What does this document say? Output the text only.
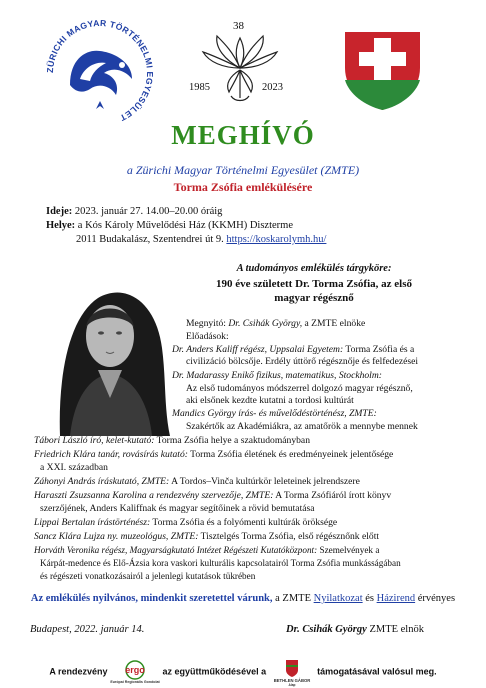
ZÜRICHI MAGYAR TÖRTÉNELMI EGYESÜLET
38
1985	2023
MEGHÍVÓ
a Zürichi Magyar Történelmi Egyesület (ZMTE)
Torma Zsófia emlékülésére
Ideje: 2023. január 27. 14.00–20.00 óráig
Helye: a Kós Károly Művelődési Ház (KKMH) Diszterme
2011 Budakalász, Szentendrei út 9. https://koskarolymh.hu/
A tudományos emlékülés tárgyköre:
190 éve született Dr. Torma Zsófia, az első
magyar régésznő
Megnyitó: Dr. Csihák György, a ZMTE elnöke
Előadások:
Dr. Anders Kaliff régész, Uppsalai Egyetem: Torma Zsófia és a
civilizáció bölcsője. Erdély úttörő régésznője és felfedezései
Dr. Madarassy Enikő fizikus, matematikus, Stockholm:
Az első tudományos módszerrel dolgozó magyar régésznő,
aki elsőnek kezdte kutatni a tordosi kultúrát
Mandics György írás- és művelődéstörténész, ZMTE:
Szakértők az Akadémiákra, az amatőrök a mennybe mennek
Tábori László író, kelet-kutató: Torma Zsófia helye a szaktudományban
Friedrich Klára tanár, rovásírás kutató: Torma Zsófia életének és eredményeinek jelentősége
a XXI. században
Záhonyi András íráskutató, ZMTE: A Tordos–Vinča kultúrkör leleteinek jelrendszere
Haraszti Zsuzsanna Karolina a rendezvény szervezője, ZMTE: A Torma Zsófiáról írott könyv
szerzőjének, Anders Kaliffnak és magyar segítőinek a rövid bemutatása
Lippai Bertalan írástörténész: Torma Zsófia és a folyómenti kultúrák öröksége
Sancz Klára Lujza ny. muzeológus, ZMTE: Tisztelgés Torma Zsófia, első régésznőnk előtt
Horváth Veronika régész, Magyarságkutató Intézet Régészeti Kutatóközpont: Szemelvények a
Kárpát-medence és Elő-Ázsia kora vaskori kulturális kapcsolatairól Torma Zsófia munkásságában
és régészeti vonatkozásairól a jelenlegi kutatások tükrében
Az emlékülés nyilvános, mindenkit szeretettel várunk, a ZMTE Nyilatkozat és Házirend érvényes
Budapest, 2022. január 14.	Dr. Csihák György ZMTE elnök
A rendezvény ergo
Európai Regionális Gondolat
az együttműködésével a
BETHLEN GÁBOR
Alap
támogatásával valósul meg.
